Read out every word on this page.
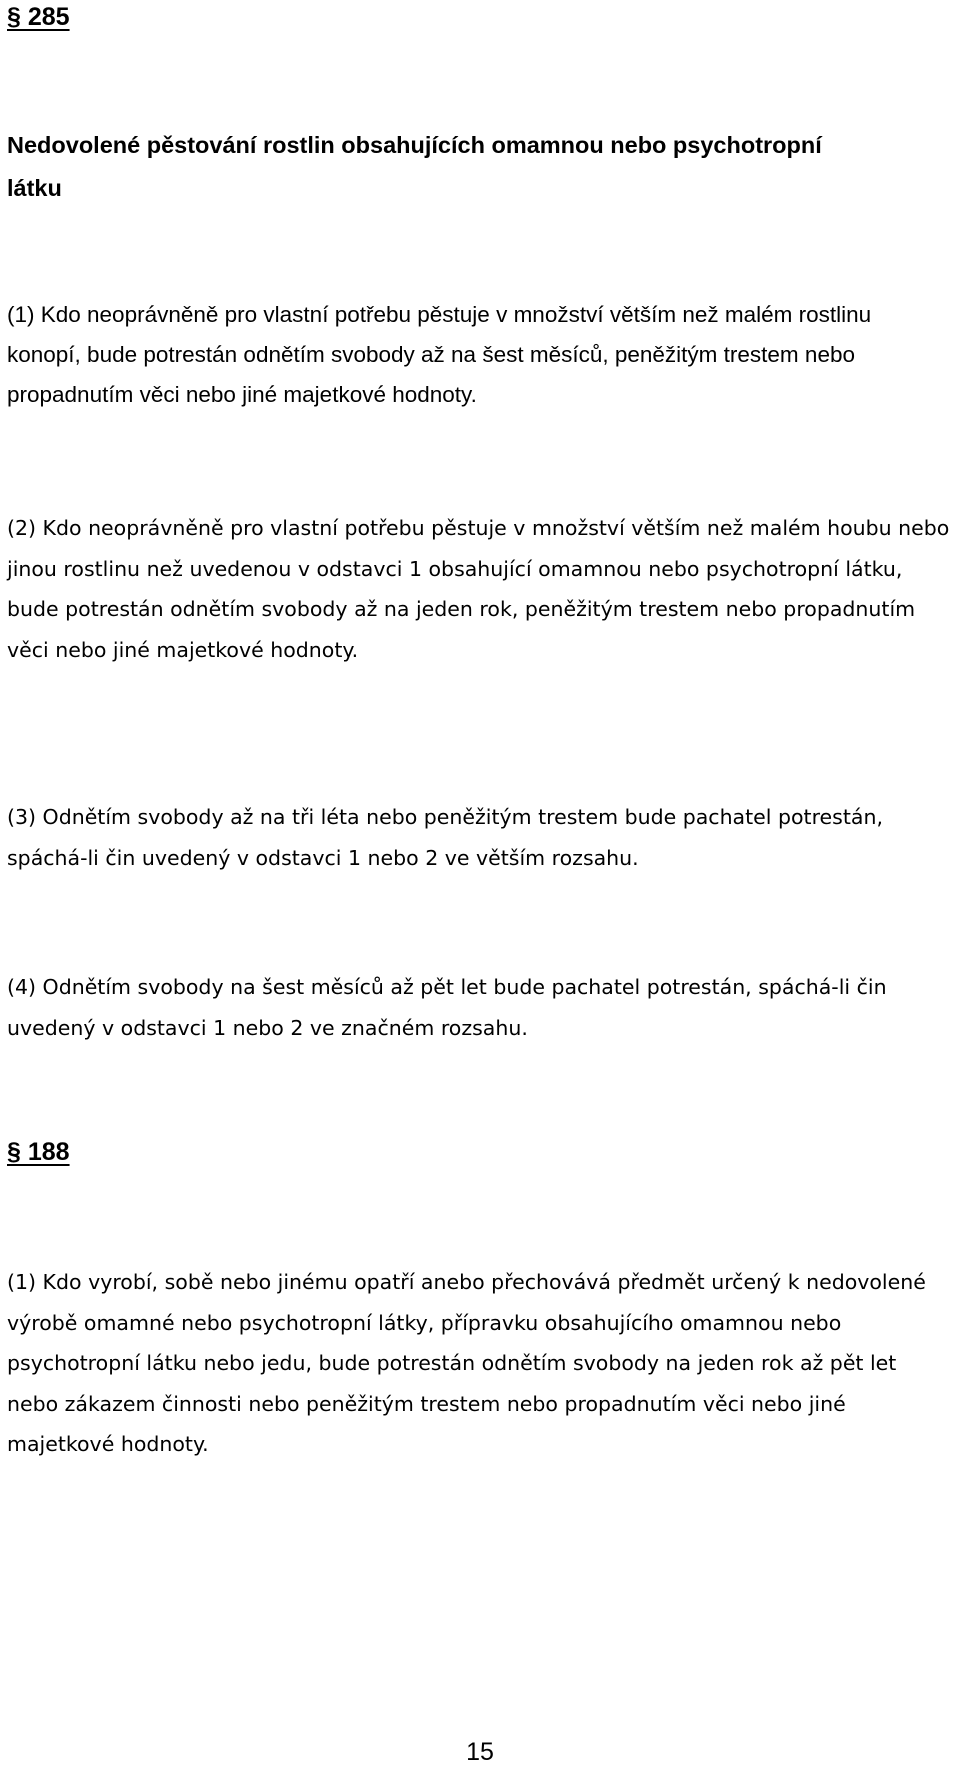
§ 285
Nedovolené pěstování rostlin obsahujících omamnou nebo psychotropní látku
(1) Kdo neoprávněně pro vlastní potřebu pěstuje v množství větším než malém rostlinu konopí, bude potrestán odnětím svobody až na šest měsíců, peněžitým trestem nebo propadnutím věci nebo jiné majetkové hodnoty.
(2) Kdo neoprávněně pro vlastní potřebu pěstuje v množství větším než malém houbu nebo jinou rostlinu než uvedenou v odstavci 1 obsahující omamnou nebo psychotropní látku, bude potrestán odnětím svobody až na jeden rok, peněžitým trestem nebo propadnutím věci nebo jiné majetkové hodnoty.
(3) Odnětím svobody až na tři léta nebo peněžitým trestem bude pachatel potrestán, spáchá-li čin uvedený v odstavci 1 nebo 2 ve větším rozsahu.
(4) Odnětím svobody na šest měsíců až pět let bude pachatel potrestán, spáchá-li čin uvedený v odstavci 1 nebo 2 ve značném rozsahu.
§ 188
(1) Kdo vyrobí, sobě nebo jinému opatří anebo přechovává předmět určený k nedovolené výrobě omamné nebo psychotropní látky, přípravku obsahujícího omamnou nebo psychotropní látku nebo jedu, bude potrestán odnětím svobody na jeden rok až pět let nebo zákazem činnosti nebo peněžitým trestem nebo propadnutím věci nebo jiné majetkové hodnoty.
15
